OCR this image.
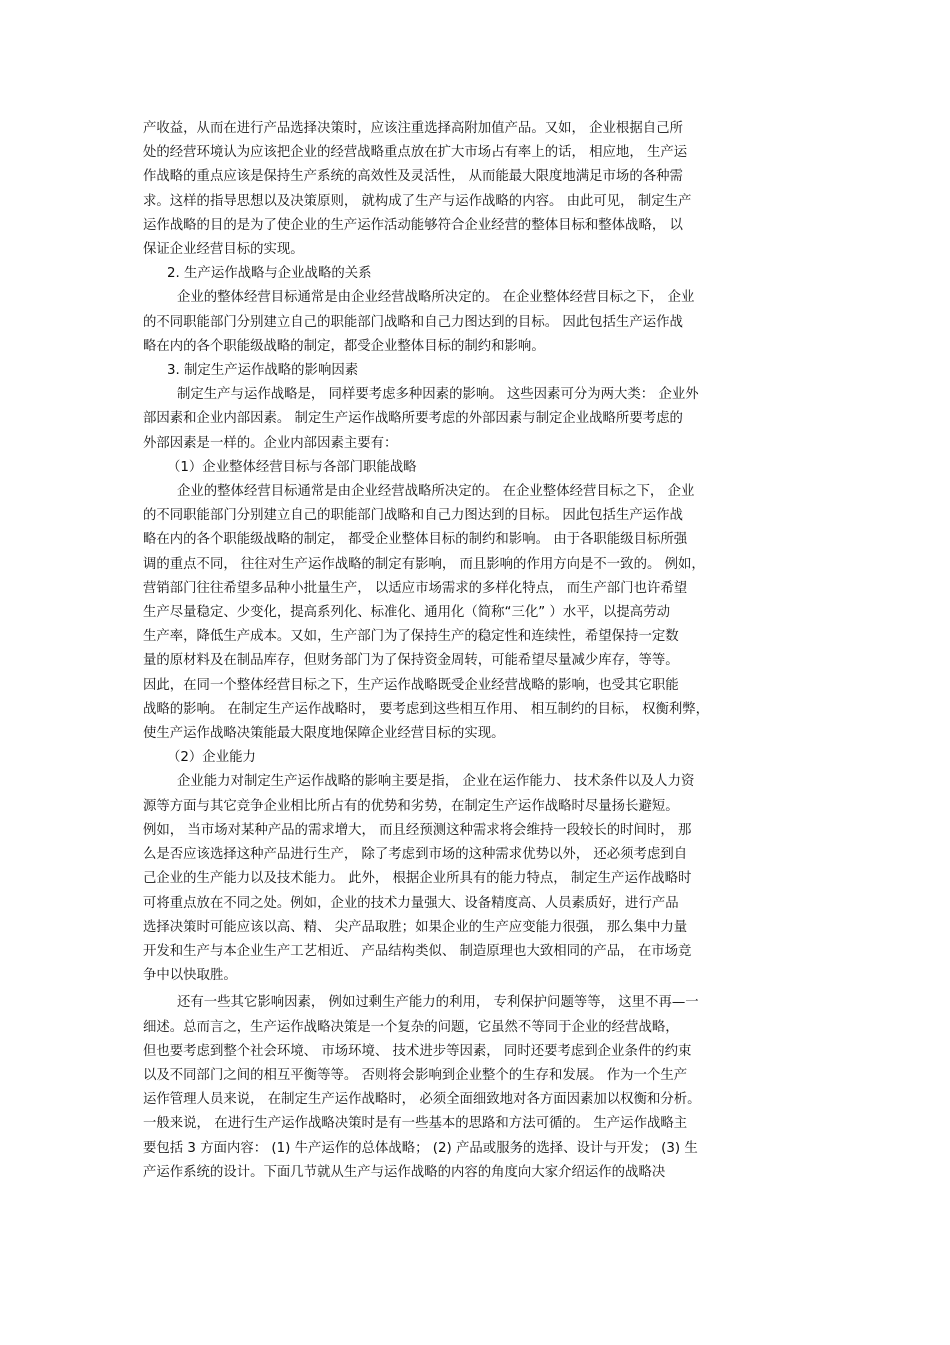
产收益，从而在进行产品选择决策时，应该注重选择高附加值产品。又如， 企业根据自己所

处的经营环境认为应该把企业的经营战略重点放在扩大市场占有率上的话， 相应地， 生产运

作战略的重点应该是保持生产系统的高效性及灵活性， 从而能最大限度地满足市场的各种需

求。这样的指导思想以及决策原则， 就构成了生产与运作战略的内容。 由此可见， 制定生产

运作战略的目的是为了使企业的生产运作活动能够符合企业经营的整体目标和整体战略， 以

保证企业经营目标的实现。

2. 生产运作战略与企业战略的关系

企业的整体经营目标通常是由企业经营战略所决定的。 在企业整体经营目标之下， 企业

的不同职能部门分别建立自己的职能部门战略和自己力图达到的目标。 因此包括生产运作战

略在内的各个职能级战略的制定，都受企业整体目标的制约和影响。

3. 制定生产运作战略的影响因素

制定生产与运作战略是， 同样要考虑多种因素的影响。 这些因素可分为两大类： 企业外

部因素和企业内部因素。 制定生产运作战略所要考虑的外部因素与制定企业战略所要考虑的

外部因素是一样的。企业内部因素主要有：

（1）企业整体经营目标与各部门职能战略

企业的整体经营目标通常是由企业经营战略所决定的。 在企业整体经营目标之下， 企业

的不同职能部门分别建立自己的职能部门战略和自己力图达到的目标。 因此包括生产运作战

略在内的各个职能级战略的制定， 都受企业整体目标的制约和影响。 由于各职能级目标所强

调的重点不同， 往往对生产运作战略的制定有影响， 而且影响的作用方向是不一致的。 例如，

营销部门往往希望多品种小批量生产， 以适应市场需求的多样化特点， 而生产部门也许希望

生产尽量稳定、少变化，提高系列化、标准化、通用化（简称“三化” ）水平，以提高劳动

生产率，降低生产成本。又如，生产部门为了保持生产的稳定性和连续性，希望保持一定数

量的原材料及在制品库存，但财务部门为了保持资金周转，可能希望尽量减少库存，等等。

因此，在同一个整体经营目标之下，生产运作战略既受企业经营战略的影响，也受其它职能

战略的影响。 在制定生产运作战略时， 要考虑到这些相互作用、 相互制约的目标， 权衡利弊，

使生产运作战略决策能最大限度地保障企业经营目标的实现。

（2）企业能力

企业能力对制定生产运作战略的影响主要是指， 企业在运作能力、 技术条件以及人力资

源等方面与其它竞争企业相比所占有的优势和劣势，在制定生产运作战略时尽量扬长避短。

例如， 当市场对某种产品的需求增大， 而且经预测这种需求将会维持一段较长的时间时， 那

么是否应该选择这种产品进行生产， 除了考虑到市场的这种需求优势以外， 还必须考虑到自

己企业的生产能力以及技术能力。 此外， 根据企业所具有的能力特点， 制定生产运作战略时

可将重点放在不同之处。例如，企业的技术力量强大、设备精度高、人员素质好，进行产品

选择决策时可能应该以高、精、 尖产品取胜；如果企业的生产应变能力很强， 那么集中力量

开发和生产与本企业生产工艺相近、 产品结构类似、 制造原理也大致相同的产品， 在市场竞

争中以快取胜。

还有一些其它影响因素， 例如过剩生产能力的利用， 专利保护问题等等， 这里不再—一

细述。总而言之，生产运作战略决策是一个复杂的问题，它虽然不等同于企业的经营战略，

但也要考虑到整个社会环境、 市场环境、 技术进步等因素， 同时还要考虑到企业条件的约束

以及不同部门之间的相互平衡等等。 否则将会影响到企业整个的生存和发展。 作为一个生产

运作管理人员来说， 在制定生产运作战略时， 必须全面细致地对各方面因素加以权衡和分析。

一般来说， 在进行生产运作战略决策时是有一些基本的思路和方法可循的。 生产运作战略主

要包括 3 方面内容： (1) 牛产运作的总体战略； (2) 产品或服务的选择、设计与开发； (3) 生

产运作系统的设计。下面几节就从生产与运作战略的内容的角度向大家介绍运作的战略决
